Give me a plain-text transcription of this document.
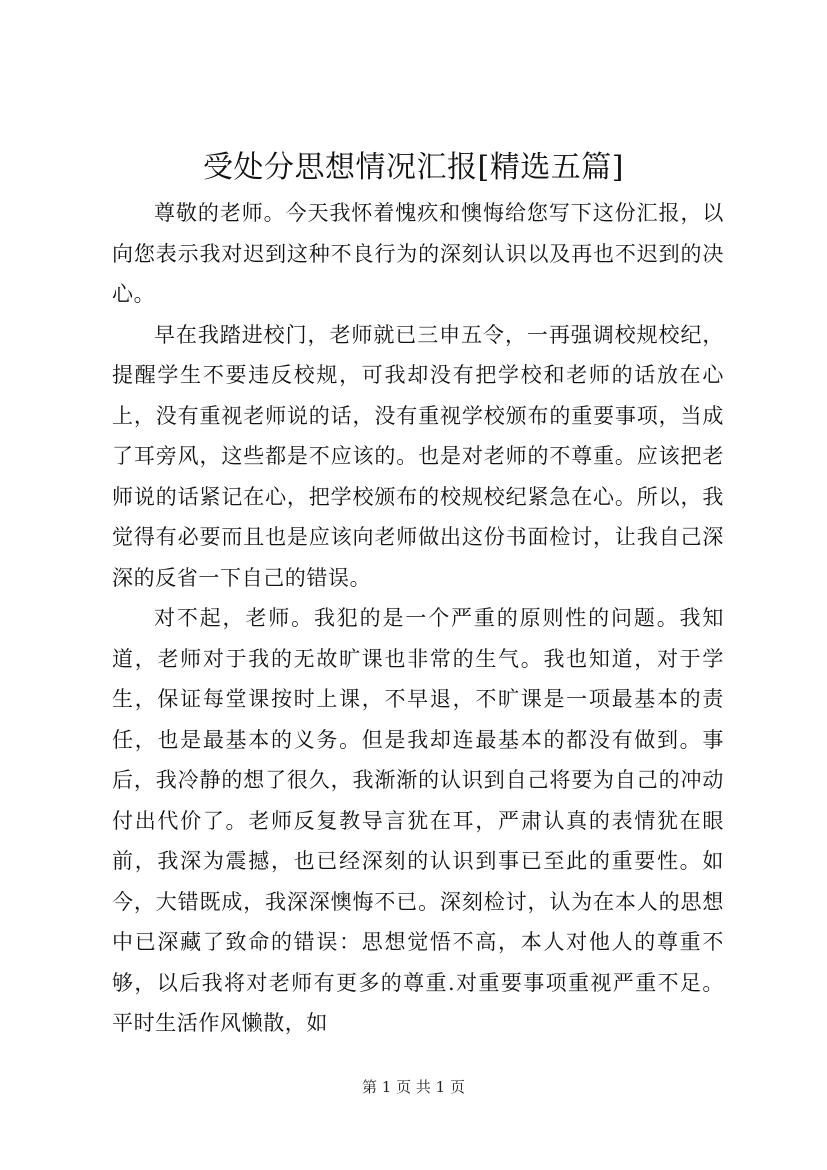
受处分思想情况汇报[精选五篇]

尊敬的老师。今天我怀着愧疚和懊悔给您写下这份汇报，以向您表示我对迟到这种不良行为的深刻认识以及再也不迟到的决心。

早在我踏进校门，老师就已三申五令，一再强调校规校纪，提醒学生不要违反校规，可我却没有把学校和老师的话放在心上，没有重视老师说的话，没有重视学校颁布的重要事项，当成了耳旁风，这些都是不应该的。也是对老师的不尊重。应该把老师说的话紧记在心，把学校颁布的校规校纪紧急在心。所以，我觉得有必要而且也是应该向老师做出这份书面检讨，让我自己深深的反省一下自己的错误。

对不起，老师。我犯的是一个严重的原则性的问题。我知道，老师对于我的无故旷课也非常的生气。我也知道，对于学生，保证每堂课按时上课，不早退，不旷课是一项最基本的责任，也是最基本的义务。但是我却连最基本的都没有做到。事后，我冷静的想了很久，我渐渐的认识到自己将要为自己的冲动付出代价了。老师反复教导言犹在耳，严肃认真的表情犹在眼前，我深为震撼，也已经深刻的认识到事已至此的重要性。如今，大错既成，我深深懊悔不已。深刻检讨，认为在本人的思想中已深藏了致命的错误：思想觉悟不高，本人对他人的尊重不够，以后我将对老师有更多的尊重.对重要事项重视严重不足。平时生活作风懒散，如

第 1 页 共 1 页
